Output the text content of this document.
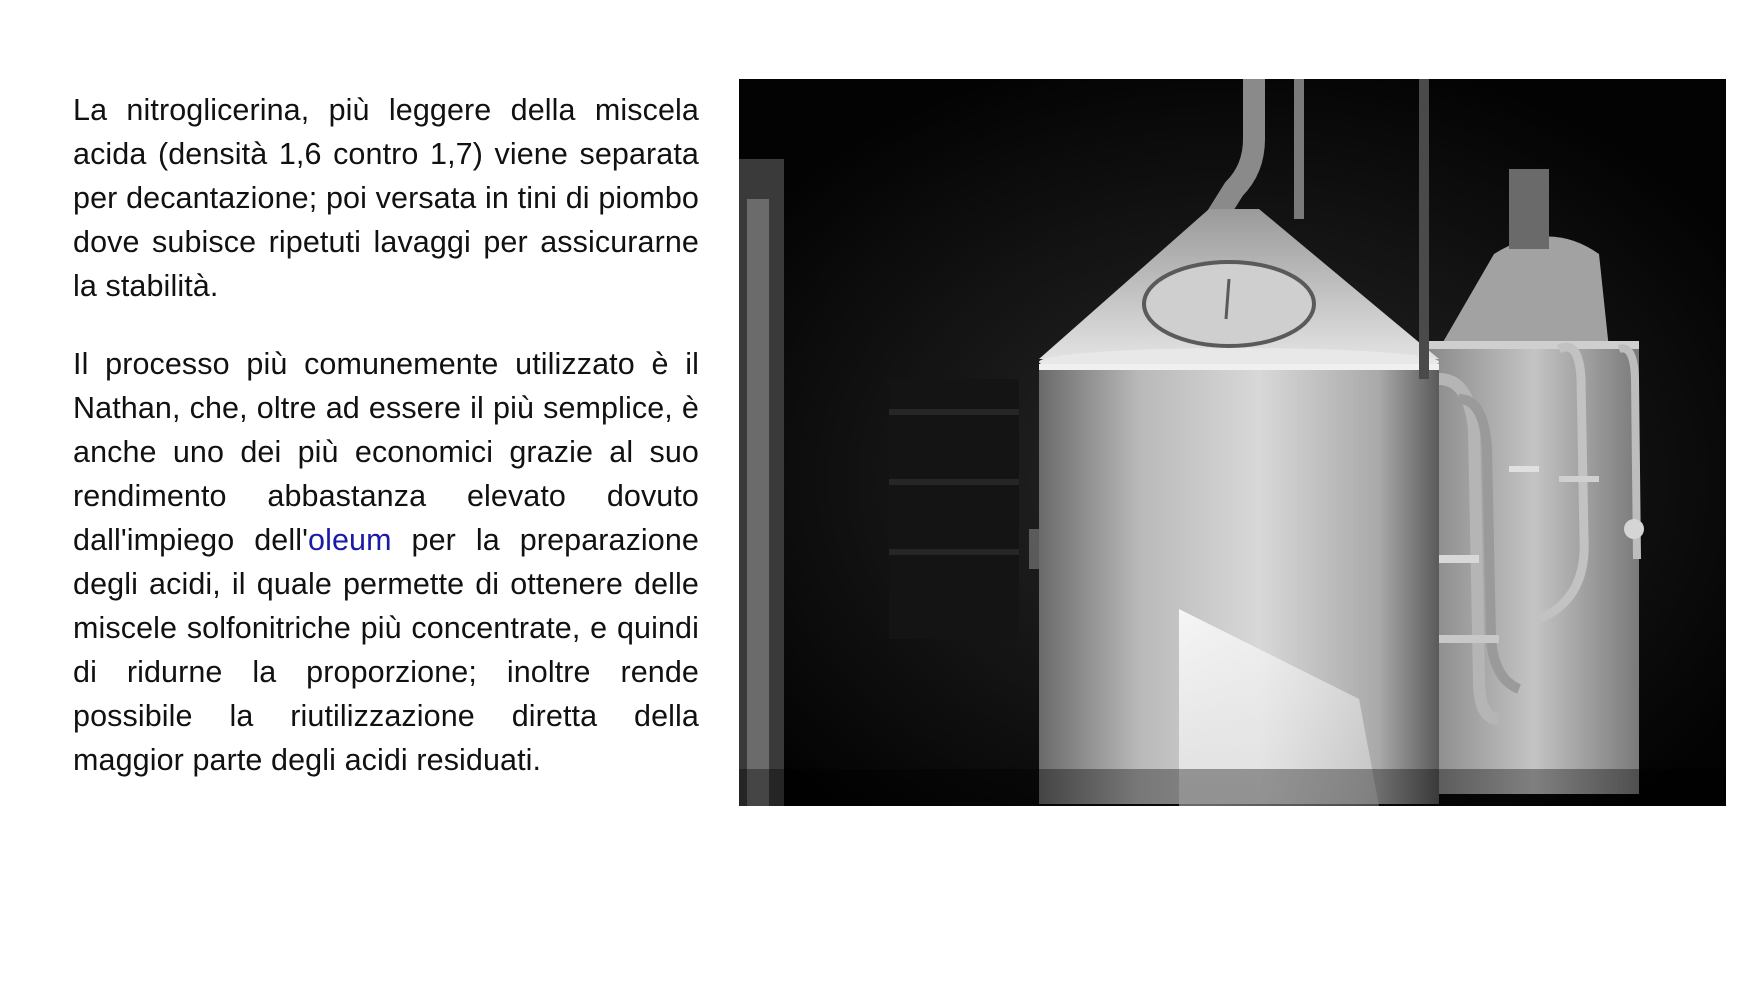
La nitroglicerina, più leggere della miscela acida (densità 1,6 contro 1,7) viene separata per decantazione; poi versata in tini di piombo dove subisce ripetuti lavaggi per assicurarne la stabilità.

Il processo più comunemente utilizzato è il Nathan, che, oltre ad essere il più semplice, è anche uno dei più economici grazie al suo rendimento abbastanza elevato dovuto dall'impiego dell'oleum per la preparazione degli acidi, il quale permette di ottenere delle miscele solfonitriche più concentrate, e quindi di ridurne la proporzione; inoltre rende possibile la riutilizzazione diretta della maggior parte degli acidi residuati.
